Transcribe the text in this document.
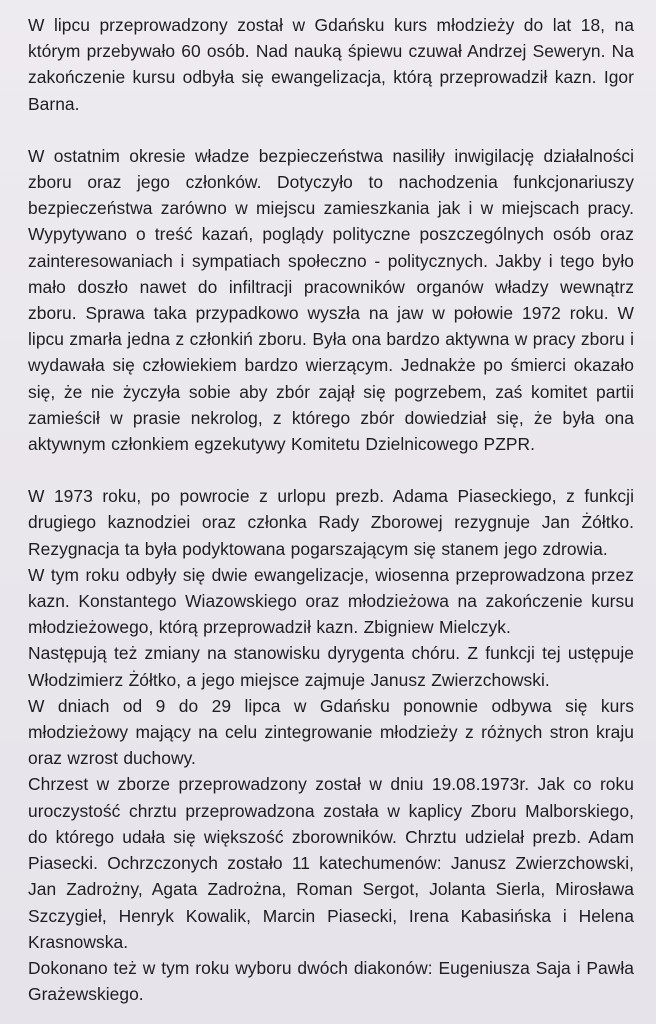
W lipcu przeprowadzony został w Gdańsku kurs młodzieży do lat 18, na którym przebywało 60 osób. Nad nauką śpiewu czuwał Andrzej Seweryn. Na zakończenie kursu odbyła się ewangelizacja, którą przeprowadził kazn. Igor Barna.

W ostatnim okresie władze bezpieczeństwa nasiliły inwigilację działalności zboru oraz jego członków. Dotyczyło to nachodzenia funkcjonariuszy bezpieczeństwa zarówno w miejscu zamieszkania jak i w miejscach pracy. Wypytywano o treść kazań, poglądy polityczne poszczególnych osób oraz zainteresowaniach i sympatiach społeczno - politycznych. Jakby i tego było mało doszło nawet do infiltracji pracowników organów władzy wewnątrz zboru. Sprawa taka przypadkowo wyszła na jaw w połowie 1972 roku. W lipcu zmarła jedna z członkiń zboru. Była ona bardzo aktywna w pracy zboru i wydawała się człowiekiem bardzo wierzącym. Jednakże po śmierci okazało się, że nie życzyła sobie aby zbór zajął się pogrzebem, zaś komitet partii zamieścił w prasie nekrolog, z którego zbór dowiedział się, że była ona aktywnym członkiem egzekutywy Komitetu Dzielnicowego PZPR.

W 1973 roku, po powrocie z urlopu prezb. Adama Piaseckiego, z funkcji drugiego kaznodziei oraz członka Rady Zborowej rezygnuje Jan Żółtko. Rezygnacja ta była podyktowana pogarszającym się stanem jego zdrowia.

W tym roku odbyły się dwie ewangelizacje, wiosenna przeprowadzona przez kazn. Konstantego Wiazowskiego oraz młodzieżowa na zakończenie kursu młodzieżowego, którą przeprowadził kazn. Zbigniew Mielczyk.

Następują też zmiany na stanowisku dyrygenta chóru. Z funkcji tej ustępuje Włodzimierz Żółtko, a jego miejsce zajmuje Janusz Zwierzchowski.

W dniach od 9 do 29 lipca w Gdańsku ponownie odbywa się kurs młodzieżowy mający na celu zintegrowanie młodzieży z różnych stron kraju oraz wzrost duchowy.

Chrzest w zborze przeprowadzony został w dniu 19.08.1973r. Jak co roku uroczystość chrztu przeprowadzona została w kaplicy Zboru Malborskiego, do którego udała się większość zborowników. Chrztu udzielał prezb. Adam Piasecki. Ochrzczonych zostało 11 katechumenów: Janusz Zwierzchowski, Jan Zadrożny, Agata Zadrożna, Roman Sergot, Jolanta Sierla, Mirosława Szczygieł, Henryk Kowalik, Marcin Piasecki, Irena Kabasińska i Helena Krasnowska.

Dokonano też w tym roku wyboru dwóch diakonów: Eugeniusza Saja i Pawła Grażewskiego.
